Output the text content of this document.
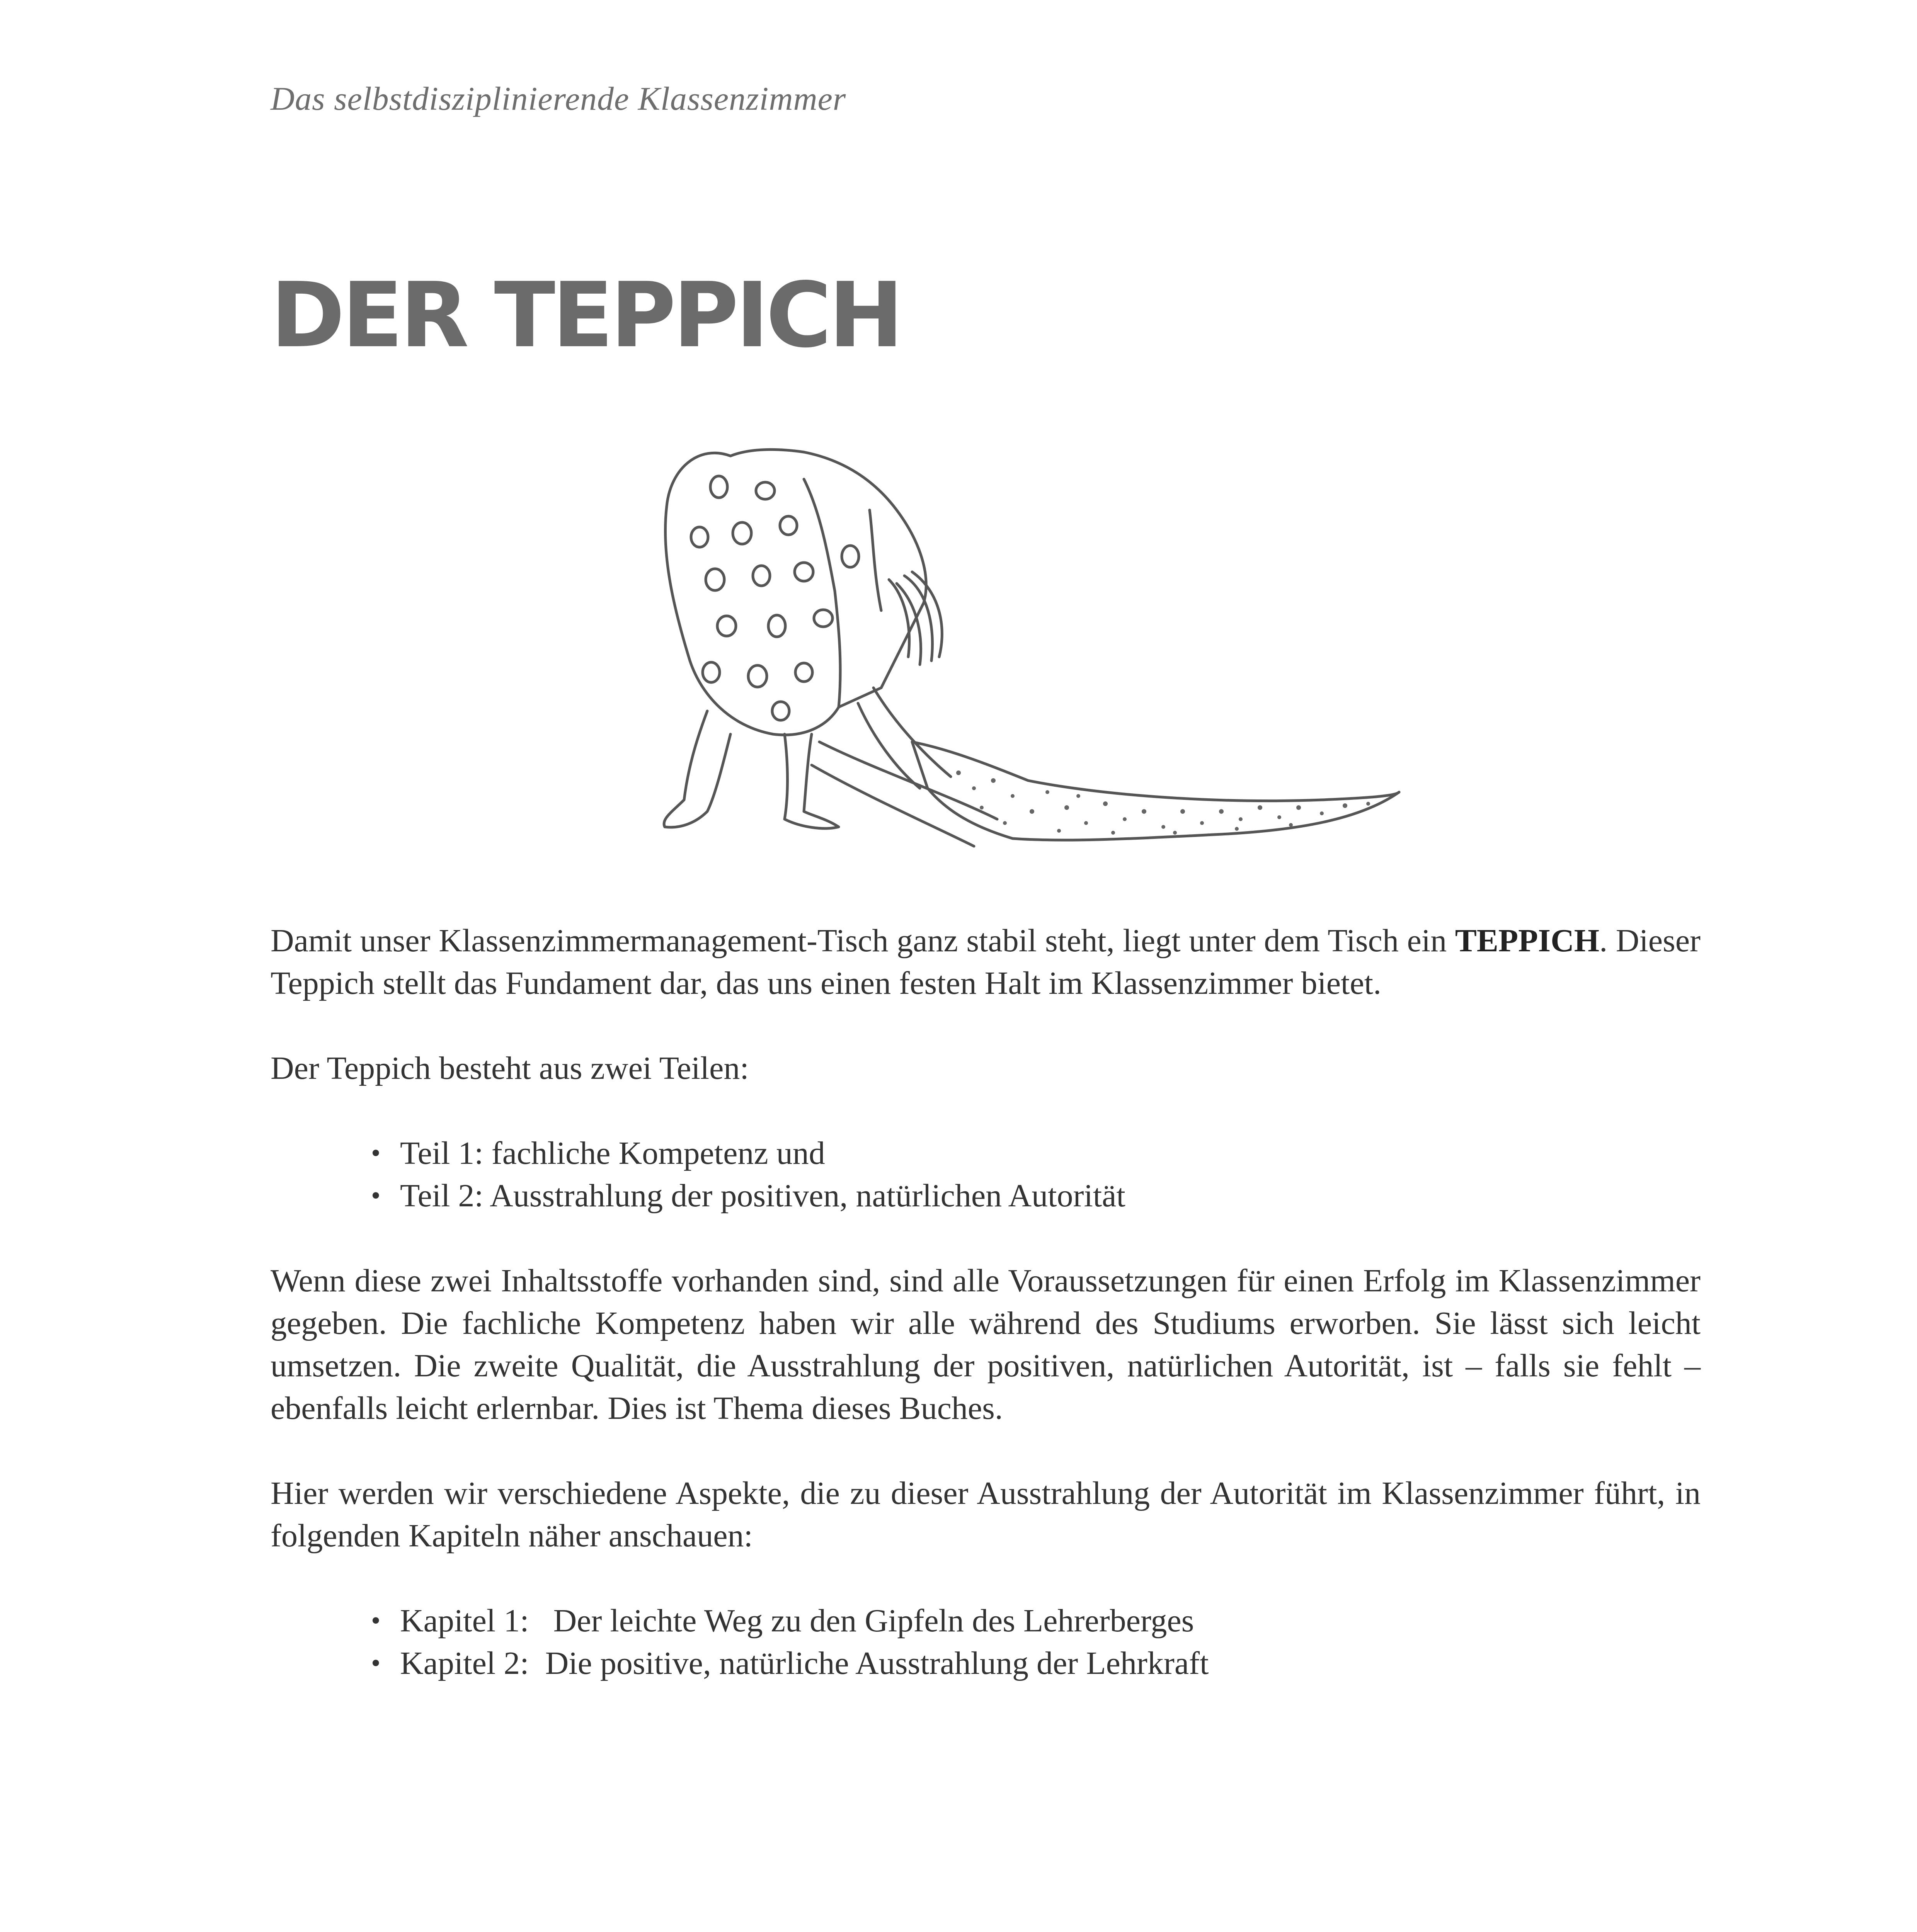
Das selbstdisziplinierende Klassenzimmer
DER TEPPICH

Damit unser Klassenzimmermanagement-Tisch ganz stabil steht, liegt unter dem Tisch ein TEPPICH. Dieser Teppich stellt das Fundament dar, das uns einen festen Halt im Klassenzimmer bietet.

Der Teppich besteht aus zwei Teilen:

• Teil 1: fachliche Kompetenz und
• Teil 2: Ausstrahlung der positiven, natürlichen Autorität

Wenn diese zwei Inhaltsstoffe vorhanden sind, sind alle Voraussetzungen für einen Erfolg im Klassenzimmer gegeben. Die fachliche Kompetenz haben wir alle während des Studiums erworben. Sie lässt sich leicht umsetzen. Die zweite Qualität, die Ausstrahlung der positiven, natürlichen Autorität, ist – falls sie fehlt – ebenfalls leicht erlernbar. Dies ist Thema dieses Buches.

Hier werden wir verschiedene Aspekte, die zu dieser Ausstrahlung der Autorität im Klassenzimmer führt, in folgenden Kapiteln näher anschauen:

• Kapitel 1:   Der leichte Weg zu den Gipfeln des Lehrerberges
• Kapitel 2:  Die positive, natürliche Ausstrahlung der Lehrkraft
